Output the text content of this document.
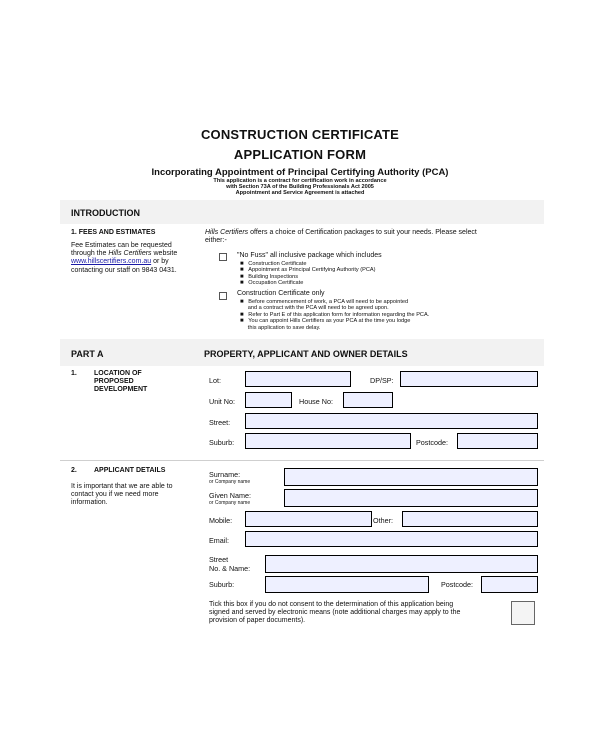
CONSTRUCTION CERTIFICATE
APPLICATION FORM
Incorporating Appointment of Principal Certifying Authority (PCA)
This application is a contract for certification work in accordance
with Section 73A of the Building Professionals Act 2005
Appointment and Service Agreement is attached
INTRODUCTION
1. FEES AND ESTIMATES
Fee Estimates can be requested
through the Hills Certifiers website
www.hillscertifiers.com.au or by
contacting our staff on 9843 0431.
Hills Certifiers offers a choice of Certification packages to suit your needs. Please select
either:-
"No Fuss" all inclusive package which includes
■ Construction Certificate
■ Appointment as Principal Certifying Authority (PCA)
■ Building Inspections
■ Occupation Certificate
Construction Certificate only
■ Before commencement of work, a PCA will need to be appointed
and a contract with the PCA will need to be agreed upon.
■ Refer to Part E of this application form for information regarding the PCA.
■ You can appoint Hills Certifiers as your PCA at the time you lodge
this application to save delay.
PART A	PROPERTY, APPLICANT AND OWNER DETAILS
1. LOCATION OF
PROPOSED
DEVELOPMENT
Lot:	DP/SP:
Unit No:	House No:
Street:
Suburb:	Postcode:
2. APPLICANT DETAILS
It is important that we are able to
contact you if we need more
information.
Surname:
or Company name
Given Name:
or Company name
Mobile:	Other:
Email:
Street
No. & Name:
Suburb:	Postcode:
Tick this box if you do not consent to the determination of this application being
signed and served by electronic means (note additional charges may apply to the
provision of paper documents).
